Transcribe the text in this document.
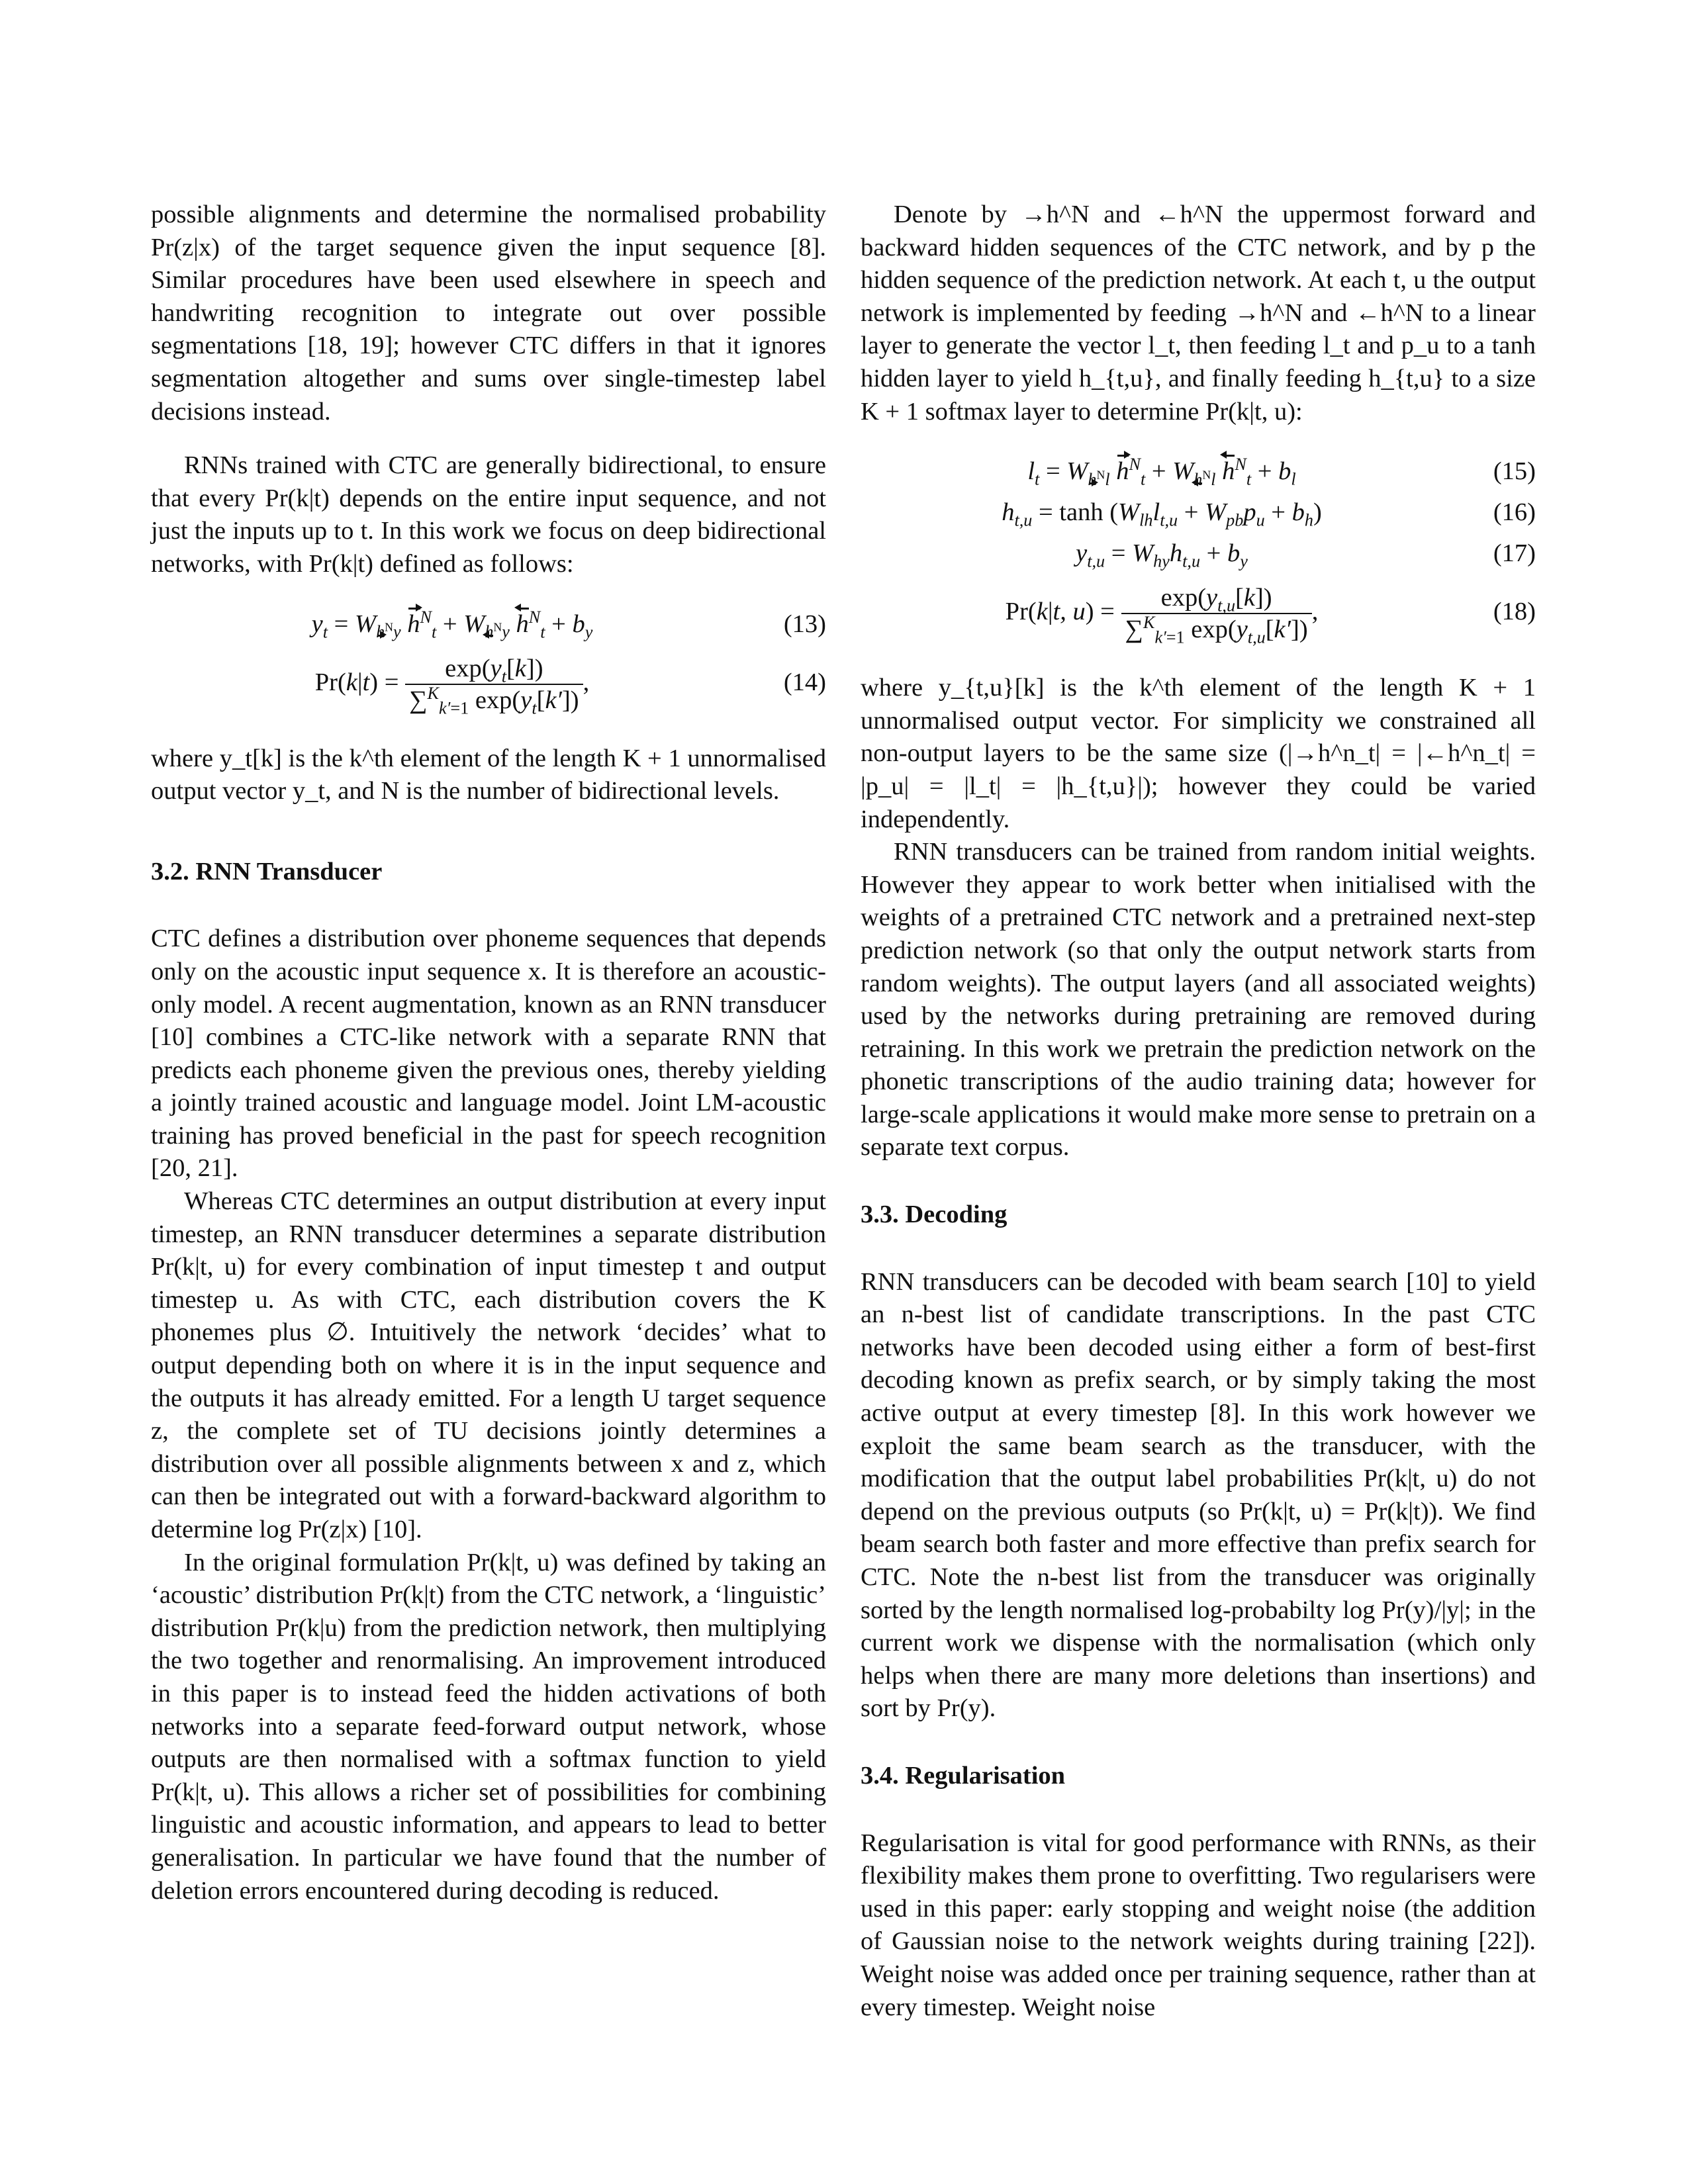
possible alignments and determine the normalised probability Pr(z|x) of the target sequence given the input sequence [8]. Similar procedures have been used elsewhere in speech and handwriting recognition to integrate out over possible segmentations [18, 19]; however CTC differs in that it ignores segmentation altogether and sums over single-timestep label decisions instead.

RNNs trained with CTC are generally bidirectional, to ensure that every Pr(k|t) depends on the entire input sequence, and not just the inputs up to t. In this work we focus on deep bidirectional networks, with Pr(k|t) defined as follows:

$y_t = W_{h^Ny}$ $h^N_t + W_{h^Ny}$ $h^N_t + b_y$	(13)
$Pr(k|t) = \frac{\exp(y_t[k])}{\sum^K_{k'=1} \exp(y_t[k'])}$ ,	(14)

where y_t[k] is the k^th element of the length K + 1 unnormalised output vector y_t, and N is the number of bidirectional levels.

3.2. RNN Transducer

CTC defines a distribution over phoneme sequences that depends only on the acoustic input sequence x. It is therefore an acoustic-only model. A recent augmentation, known as an RNN transducer [10] combines a CTC-like network with a separate RNN that predicts each phoneme given the previous ones, thereby yielding a jointly trained acoustic and language model. Joint LM-acoustic training has proved beneficial in the past for speech recognition [20, 21].

Whereas CTC determines an output distribution at every input timestep, an RNN transducer determines a separate distribution Pr(k|t, u) for every combination of input timestep t and output timestep u. As with CTC, each distribution covers the K phonemes plus ∅. Intuitively the network ‘decides’ what to output depending both on where it is in the input sequence and the outputs it has already emitted. For a length U target sequence z, the complete set of TU decisions jointly determines a distribution over all possible alignments between x and z, which can then be integrated out with a forward-backward algorithm to determine log Pr(z|x) [10].

In the original formulation Pr(k|t, u) was defined by taking an ‘acoustic’ distribution Pr(k|t) from the CTC network, a ‘linguistic’ distribution Pr(k|u) from the prediction network, then multiplying the two together and renormalising. An improvement introduced in this paper is to instead feed the hidden activations of both networks into a separate feed-forward output network, whose outputs are then normalised with a softmax function to yield Pr(k|t, u). This allows a richer set of possibilities for combining linguistic and acoustic information, and appears to lead to better generalisation. In particular we have found that the number of deletion errors encountered during decoding is reduced.

Denote by →h^N and ←h^N the uppermost forward and backward hidden sequences of the CTC network, and by p the hidden sequence of the prediction network. At each t, u the output network is implemented by feeding →h^N and ←h^N to a linear layer to generate the vector l_t, then feeding l_t and p_u to a tanh hidden layer to yield h_{t,u}, and finally feeding h_{t,u} to a size K + 1 softmax layer to determine Pr(k|t, u):

$l_t = W_{h^Nl}$ $h^N_t + W_{h^Nl}$ $h^N_t + b_l$	(15)
$h_{t,u} = \tanh (W_{lh}l_{t,u} + W_{pb}p_u + b_h)$	(16)
$y_{t,u} = W_{hy}h_{t,u} + b_y$	(17)
Pr(k|t, $u) = \frac{\exp(y_{t,u}[k])}{\sum^K_{k'=1} \exp(y_{t,u}[k'])}$ ,	(18)

where y_{t,u}[k] is the k^th element of the length K + 1 unnormalised output vector. For simplicity we constrained all non-output layers to be the same size (|→h^n_t| = |←h^n_t| = |p_u| = |l_t| = |h_{t,u}|); however they could be varied independently.

RNN transducers can be trained from random initial weights. However they appear to work better when initialised with the weights of a pretrained CTC network and a pretrained next-step prediction network (so that only the output network starts from random weights). The output layers (and all associated weights) used by the networks during pretraining are removed during retraining. In this work we pretrain the prediction network on the phonetic transcriptions of the audio training data; however for large-scale applications it would make more sense to pretrain on a separate text corpus.

3.3. Decoding

RNN transducers can be decoded with beam search [10] to yield an n-best list of candidate transcriptions. In the past CTC networks have been decoded using either a form of best-first decoding known as prefix search, or by simply taking the most active output at every timestep [8]. In this work however we exploit the same beam search as the transducer, with the modification that the output label probabilities Pr(k|t, u) do not depend on the previous outputs (so Pr(k|t, u) = Pr(k|t)). We find beam search both faster and more effective than prefix search for CTC. Note the n-best list from the transducer was originally sorted by the length normalised log-probabilty log Pr(y)/|y|; in the current work we dispense with the normalisation (which only helps when there are many more deletions than insertions) and sort by Pr(y).

3.4. Regularisation

Regularisation is vital for good performance with RNNs, as their flexibility makes them prone to overfitting. Two regularisers were used in this paper: early stopping and weight noise (the addition of Gaussian noise to the network weights during training [22]). Weight noise was added once per training sequence, rather than at every timestep. Weight noise
